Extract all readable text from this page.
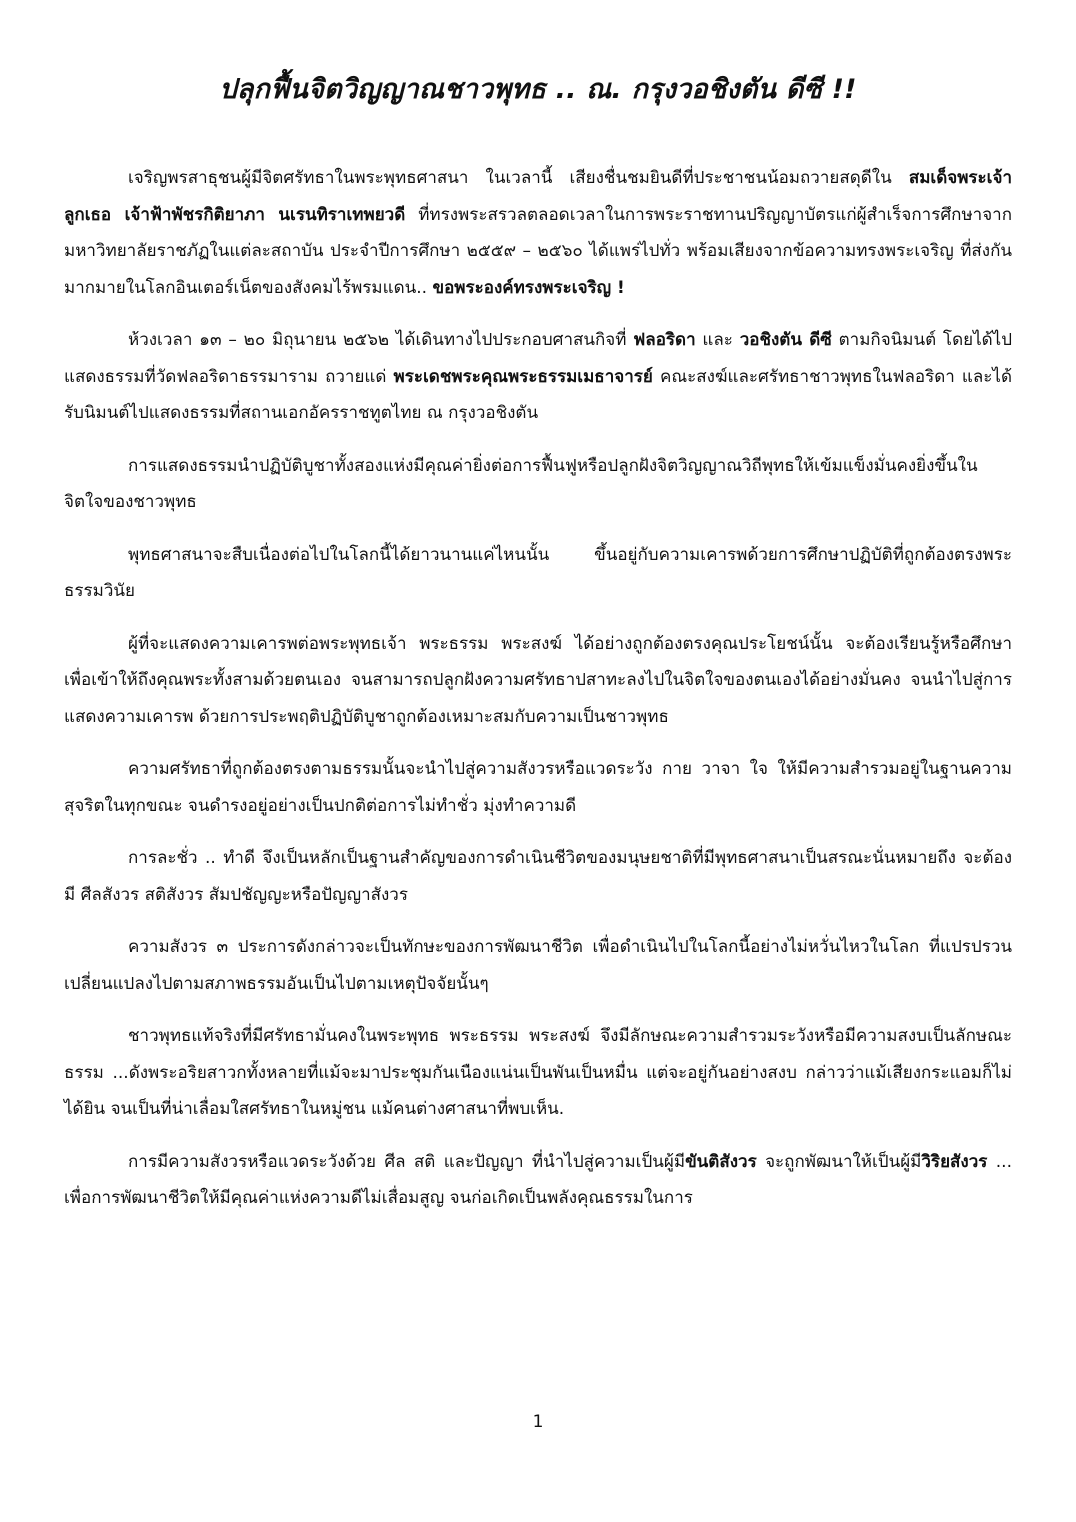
ปลุกฟื้นจิตวิญญาณชาวพุทธ .. ณ. กรุงวอชิงตัน ดีซี !!

เจริญพรสาธุชนผู้มีจิตศรัทธาในพระพุทธศาสนา ในเวลานี้ เสียงชื่นชมยินดีที่ประชาชนน้อมถวายสดุดีใน สมเด็จพระเจ้าลูกเธอ เจ้าฟ้าพัชรกิติยาภา นเรนทิราเทพยวดี ที่ทรงพระสรวลตลอดเวลาในการพระราชทานปริญญาบัตรแก่ผู้สำเร็จการศึกษาจากมหาวิทยาลัยราชภัฏในแต่ละสถาบัน ประจำปีการศึกษา ๒๕๕๙ – ๒๕๖๐ ได้แพร่ไปทั่ว พร้อมเสียงจากข้อความทรงพระเจริญ ที่ส่งกันมากมายในโลกอินเตอร์เน็ตของสังคมไร้พรมแดน.. ขอพระองค์ทรงพระเจริญ !

ห้วงเวลา ๑๓ – ๒๐ มิถุนายน ๒๕๖๒ ได้เดินทางไปประกอบศาสนกิจที่ ฟลอริดา และ วอชิงตัน ดีซี ตามกิจนิมนต์ โดยได้ไปแสดงธรรมที่วัดฟลอริดาธรรมาราม ถวายแด่ พระเดชพระคุณพระธรรมเมธาจารย์ คณะสงฆ์และศรัทธาชาวพุทธในฟลอริดา และได้รับนิมนต์ไปแสดงธรรมที่สถานเอกอัครราชทูตไทย ณ กรุงวอชิงตัน

การแสดงธรรมนำปฏิบัติบูชาทั้งสองแห่งมีคุณค่ายิ่งต่อการฟื้นฟูหรือปลูกฝังจิตวิญญาณวิถีพุทธให้เข้มแข็งมั่นคงยิ่งขึ้นในจิตใจของชาวพุทธ

พุทธศาสนาจะสืบเนื่องต่อไปในโลกนี้ได้ยาวนานแค่ไหนนั้น ขึ้นอยู่กับความเคารพด้วยการศึกษาปฏิบัติที่ถูกต้องตรงพระธรรมวินัย

ผู้ที่จะแสดงความเคารพต่อพระพุทธเจ้า พระธรรม พระสงฆ์ ได้อย่างถูกต้องตรงคุณประโยชน์นั้น จะต้องเรียนรู้หรือศึกษา เพื่อเข้าให้ถึงคุณพระทั้งสามด้วยตนเอง จนสามารถปลูกฝังความศรัทธาปสาทะลงไปในจิตใจของตนเองได้อย่างมั่นคง จนนำไปสู่การแสดงความเคารพ ด้วยการประพฤติปฏิบัติบูชาถูกต้องเหมาะสมกับความเป็นชาวพุทธ

ความศรัทธาที่ถูกต้องตรงตามธรรมนั้นจะนำไปสู่ความสังวรหรือแวดระวัง กาย วาจา ใจ ให้มีความสำรวมอยู่ในฐานความสุจริตในทุกขณะ จนดำรงอยู่อย่างเป็นปกติต่อการไม่ทำชั่ว มุ่งทำความดี

การละชั่ว .. ทำดี จึงเป็นหลักเป็นฐานสำคัญของการดำเนินชีวิตของมนุษยชาติที่มีพุทธศาสนาเป็นสรณะนั่นหมายถึง จะต้องมี ศีลสังวร สติสังวร สัมปชัญญะหรือปัญญาสังวร

ความสังวร ๓ ประการดังกล่าวจะเป็นทักษะของการพัฒนาชีวิต เพื่อดำเนินไปในโลกนี้อย่างไม่หวั่นไหวในโลก ที่แปรปรวนเปลี่ยนแปลงไปตามสภาพธรรมอันเป็นไปตามเหตุปัจจัยนั้นๆ

ชาวพุทธแท้จริงที่มีศรัทธามั่นคงในพระพุทธ พระธรรม พระสงฆ์ จึงมีลักษณะความสำรวมระวังหรือมีความสงบเป็นลักษณะธรรม ...ดังพระอริยสาวกทั้งหลายที่แม้จะมาประชุมกันเนืองแน่นเป็นพันเป็นหมื่น แต่จะอยู่กันอย่างสงบ กล่าวว่าแม้เสียงกระแอมก็ไม่ได้ยิน จนเป็นที่น่าเลื่อมใสศรัทธาในหมู่ชน แม้คนต่างศาสนาที่พบเห็น.

การมีความสังวรหรือแวดระวังด้วย ศีล สติ และปัญญา ที่นำไปสู่ความเป็นผู้มีขันติสังวร จะถูกพัฒนาให้เป็นผู้มีวิริยสังวร ... เพื่อการพัฒนาชีวิตให้มีคุณค่าแห่งความดีไม่เสื่อมสูญ จนก่อเกิดเป็นพลังคุณธรรมในการ

1
